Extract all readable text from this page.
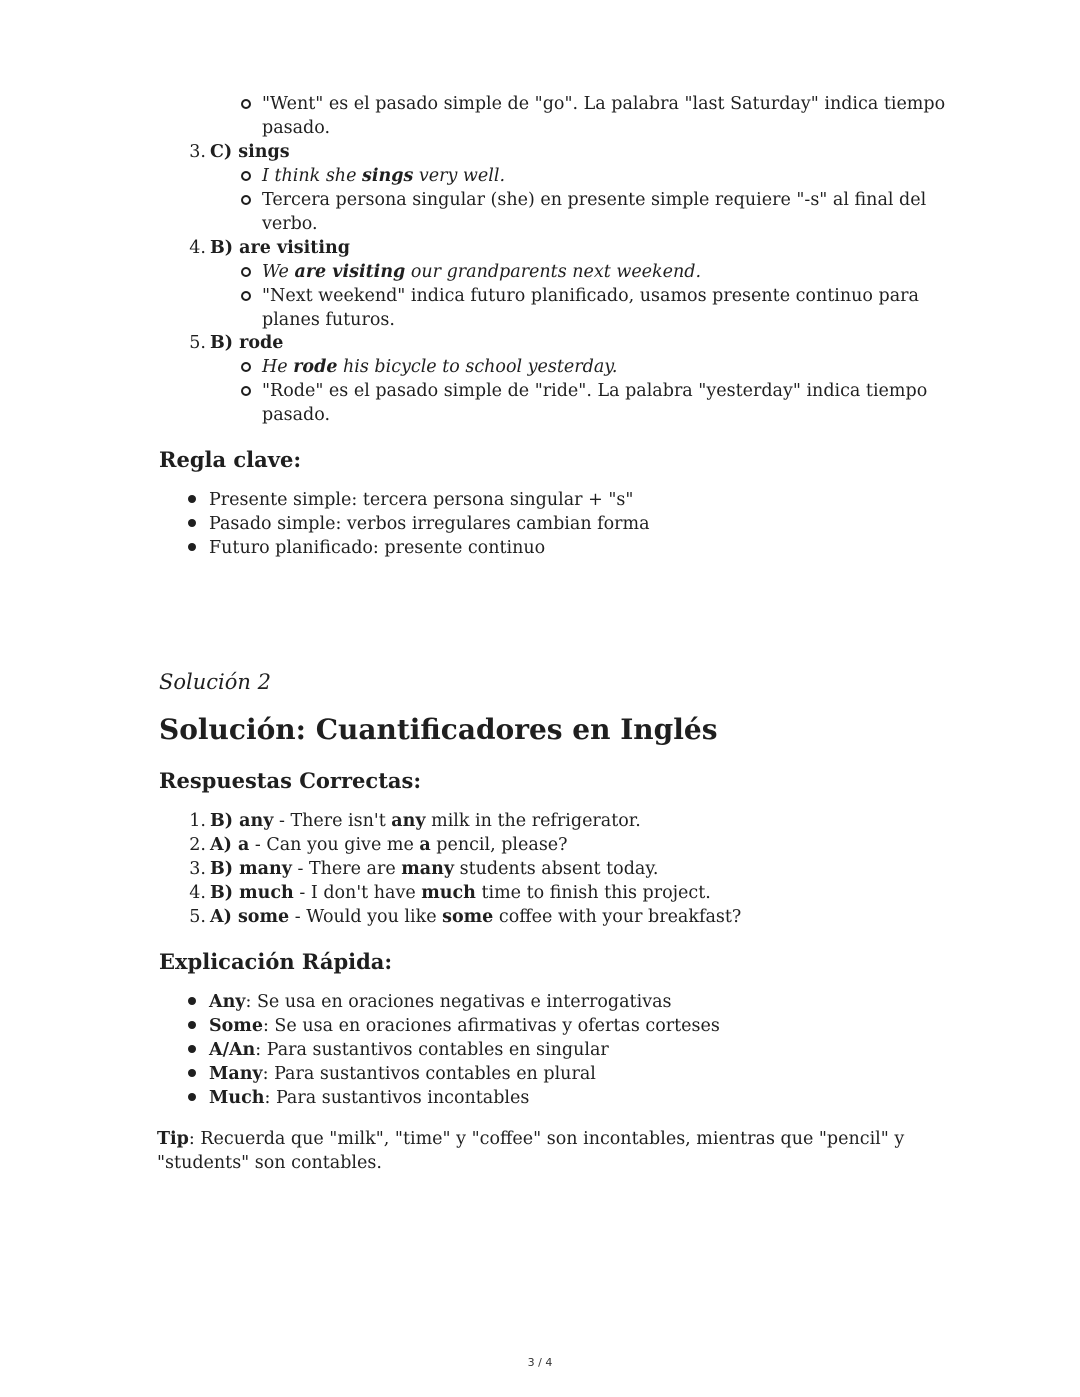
"Went" es el pasado simple de "go". La palabra "last Saturday" indica tiempo
pasado.
3. C) sings
I think she sings very well.
Tercera persona singular (she) en presente simple requiere "-s" al final del
verbo.
4. B) are visiting
We are visiting our grandparents next weekend.
"Next weekend" indica futuro planificado, usamos presente continuo para
planes futuros.
5. B) rode
He rode his bicycle to school yesterday.
"Rode" es el pasado simple de "ride". La palabra "yesterday" indica tiempo
pasado.
Regla clave:
Presente simple: tercera persona singular + "s"
Pasado simple: verbos irregulares cambian forma
Futuro planificado: presente continuo
Solución 2
Solución: Cuantificadores en Inglés
Respuestas Correctas:
1. B) any - There isn't any milk in the refrigerator.
2. A) a - Can you give me a pencil, please?
3. B) many - There are many students absent today.
4. B) much - I don't have much time to finish this project.
5. A) some - Would you like some coffee with your breakfast?
Explicación Rápida:
Any: Se usa en oraciones negativas e interrogativas
Some: Se usa en oraciones afirmativas y ofertas corteses
A/An: Para sustantivos contables en singular
Many: Para sustantivos contables en plural
Much: Para sustantivos incontables
Tip: Recuerda que "milk", "time" y "coffee" son incontables, mientras que "pencil" y
"students" son contables.
3 / 4
